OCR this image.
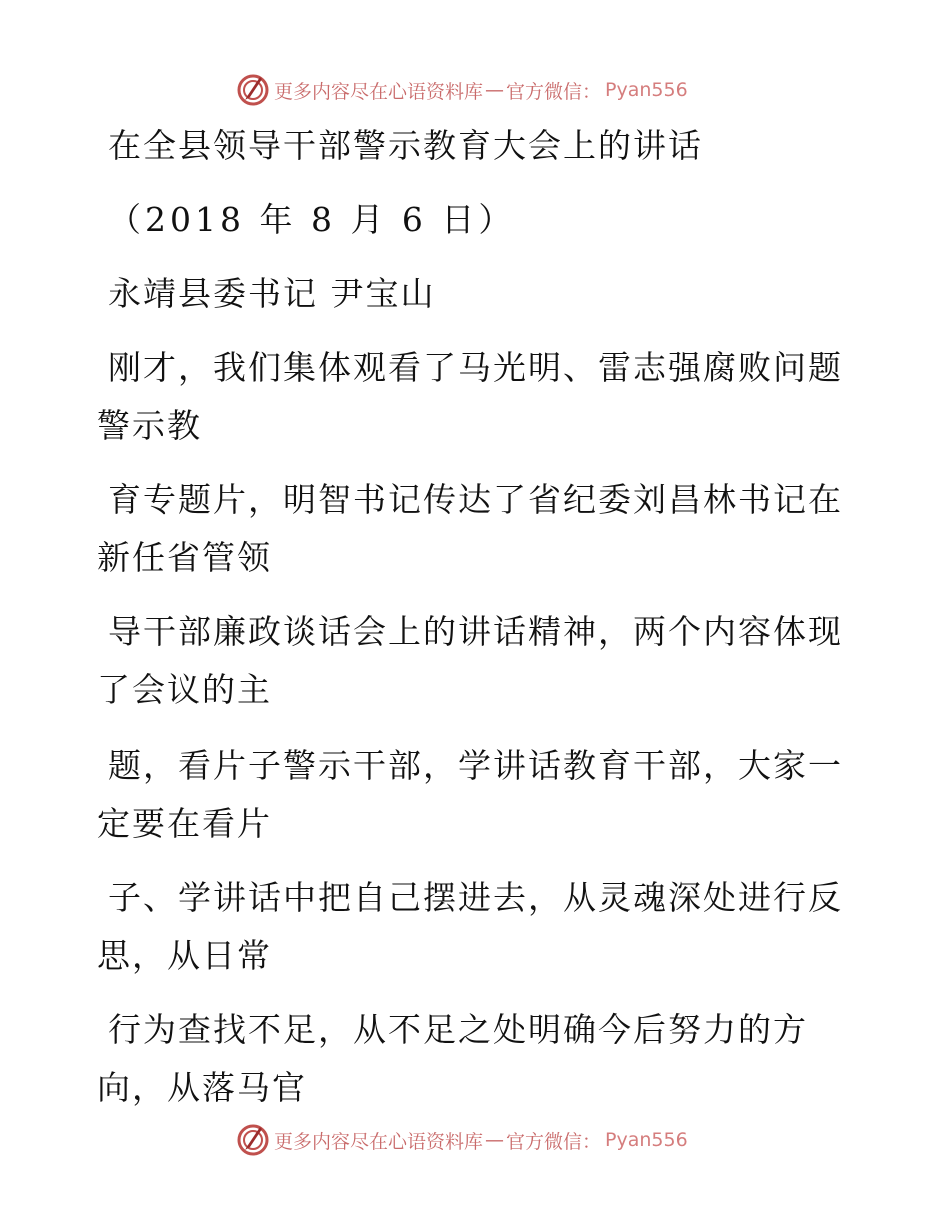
更多内容尽在心语资料库 — 官方微信： Pyan556
在全县领导干部警示教育大会上的讲话
（2018 年 8 月 6 日）
永靖县委书记 尹宝山
刚才，我们集体观看了马光明、雷志强腐败问题
警示教
育专题片，明智书记传达了省纪委刘昌林书记在
新任省管领
导干部廉政谈话会上的讲话精神，两个内容体现
了会议的主
题，看片子警示干部，学讲话教育干部，大家一
定要在看片
子、学讲话中把自己摆进去，从灵魂深处进行反
思，从日常
行为查找不足，从不足之处明确今后努力的方
向，从落马官
更多内容尽在心语资料库 — 官方微信： Pyan556
